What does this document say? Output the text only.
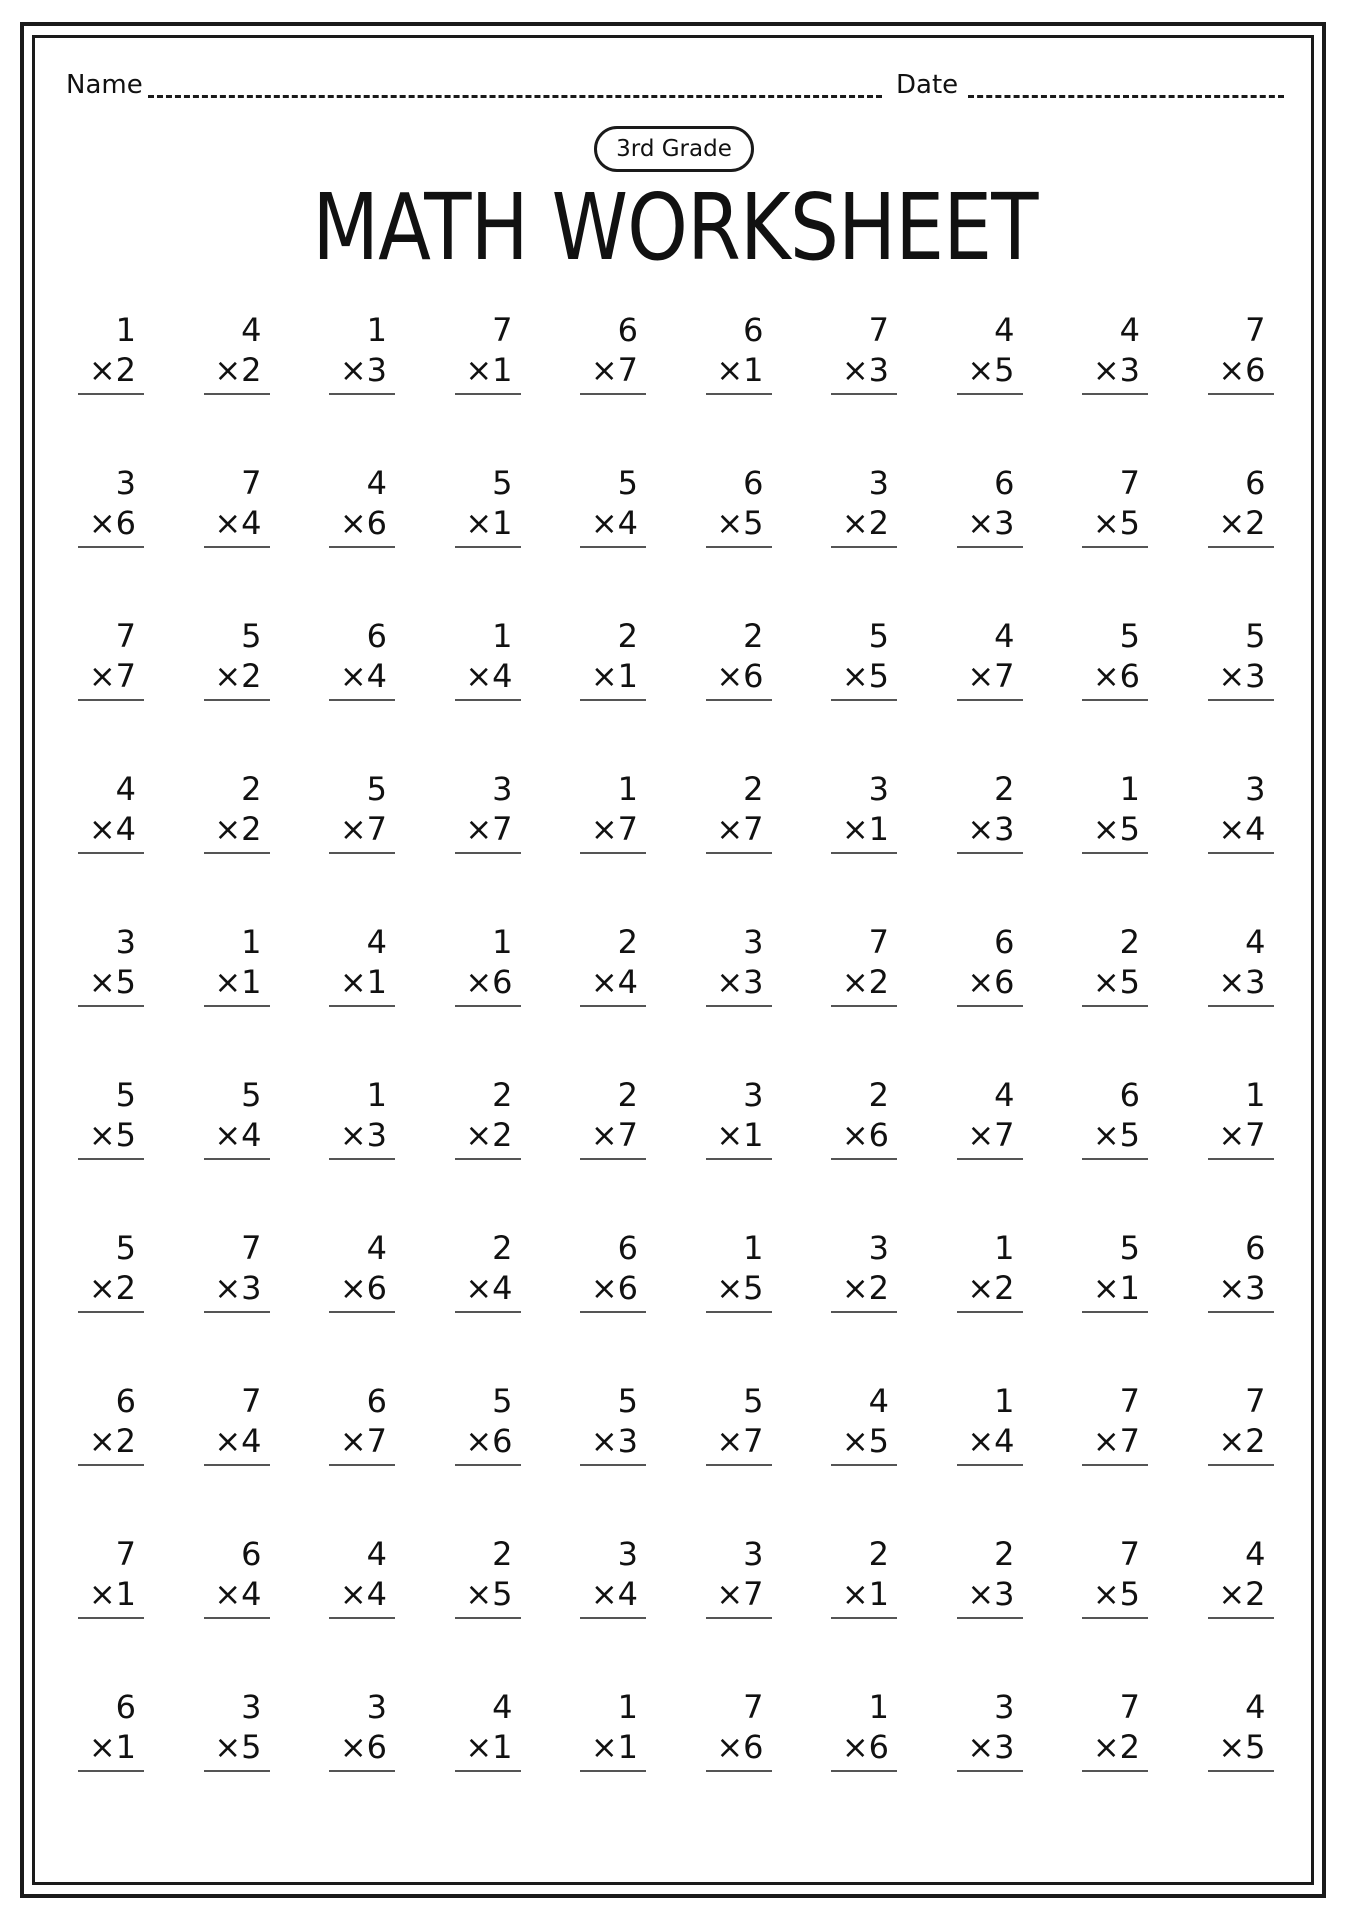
Name	Date
3rd Grade
MATH WORKSHEET
1
×2
4
×2
1
×3
7
×1
6
×7
6
×1
7
×3
4
×5
4
×3
7
×6
3
×6
7
×4
4
×6
5
×1
5
×4
6
×5
3
×2
6
×3
7
×5
6
×2
7
×7
5
×2
6
×4
1
×4
2
×1
2
×6
5
×5
4
×7
5
×6
5
×3
4
×4
2
×2
5
×7
3
×7
1
×7
2
×7
3
×1
2
×3
1
×5
3
×4
3
×5
1
×1
4
×1
1
×6
2
×4
3
×3
7
×2
6
×6
2
×5
4
×3
5
×5
5
×4
1
×3
2
×2
2
×7
3
×1
2
×6
4
×7
6
×5
1
×7
5
×2
7
×3
4
×6
2
×4
6
×6
1
×5
3
×2
1
×2
5
×1
6
×3
6
×2
7
×4
6
×7
5
×6
5
×3
5
×7
4
×5
1
×4
7
×7
7
×2
7
×1
6
×4
4
×4
2
×5
3
×4
3
×7
2
×1
2
×3
7
×5
4
×2
6
×1
3
×5
3
×6
4
×1
1
×1
7
×6
1
×6
3
×3
7
×2
4
×5
